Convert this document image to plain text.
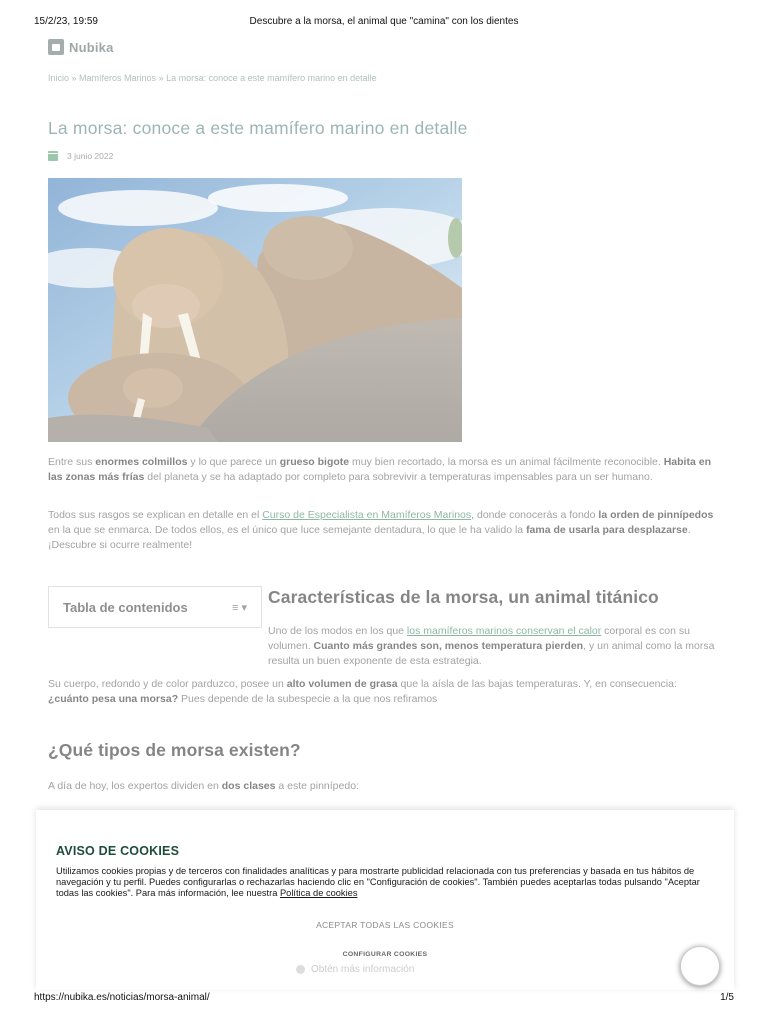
15/2/23, 19:59	Descubre a la morsa, el animal que "camina" con los dientes
Nubika
Inicio » Mamíferos Marinos » La morsa: conoce a este mamífero marino en detalle
La morsa: conoce a este mamífero marino en detalle
3 junio 2022

Entre sus enormes colmillos y lo que parece un grueso bigote muy bien recortado, la morsa es un animal fácilmente reconocible. Habita en las zonas más frías del planeta y se ha adaptado por completo para sobrevivir a temperaturas impensables para un ser humano.

Todos sus rasgos se explican en detalle en el Curso de Especialista en Mamíferos Marinos, donde conocerás a fondo la orden de pinnípedos en la que se enmarca. De todos ellos, es el único que luce semejante dentadura, lo que le ha valido la fama de usarla para desplazarse. ¡Descubre si ocurre realmente!

Tabla de contenidos	≡ ▾
Características de la morsa, un animal titánico

Uno de los modos en los que los mamíferos marinos conservan el calor corporal es con su volumen. Cuanto más grandes son, menos temperatura pierden, y un animal como la morsa resulta un buen exponente de esta estrategia.

Su cuerpo, redondo y de color parduzco, posee un alto volumen de grasa que la aísla de las bajas temperaturas. Y, en consecuencia: ¿cuánto pesa una morsa? Pues depende de la subespecie a la que nos refiramos

¿Qué tipos de morsa existen?

A día de hoy, los expertos dividen en dos clases a este pinnípedo:

AVISO DE COOKIES

Utilizamos cookies propias y de terceros con finalidades analíticas y para mostrarte publicidad relacionada con tus preferencias y basada en tus hábitos de navegación y tu perfil. Puedes configurarlas o rechazarlas haciendo clic en "Configuración de cookies". También puedes aceptarlas todas pulsando "Aceptar todas las cookies". Para más información, lee nuestra Política de cookies

ACEPTAR TODAS LAS COOKIES
CONFIGURAR COOKIES
Obtén más información
https://nubika.es/noticias/morsa-animal/	1/5
